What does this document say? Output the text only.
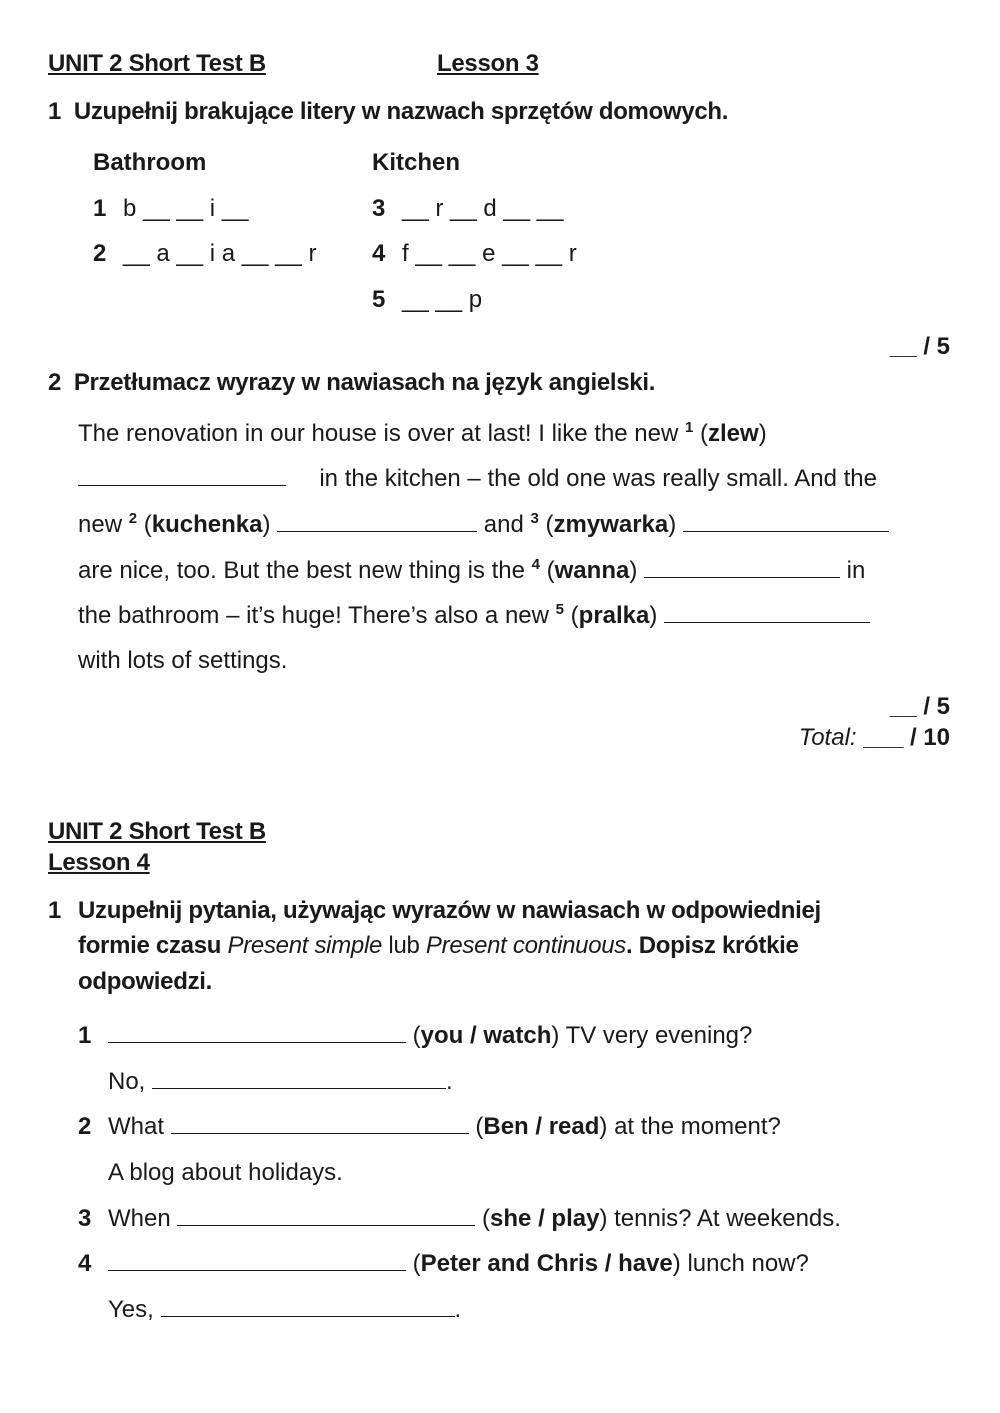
UNIT 2 Short Test B	Lesson 3
1 Uzupełnij brakujące litery w nazwach sprzętów domowych.
Bathroom	Kitchen
1 b __ __ i __
2 __ a __ i a __ __ r
3 __ r __ d __ __
4 f __ __ e __ __ r
5 __ __ p
__ / 5
2 Przetłumacz wyrazy w nawiasach na język angielski.
The renovation in our house is over at last! I like the new $^1$ (zlew)
in the kitchen – the old one was really small. And the
new $^2$ (kuchenka)	and $^3$ (zmywarka)
are nice, too. But the best new thing is the $^4$ (wanna)	in
the bathroom – it’s huge! There’s also a new $^5$ (pralka)
with lots of settings.
__ / 5
Total: ___ / 10
UNIT 2 Short Test B
Lesson 4
1 Uzupełnij pytania, używając wyrazów w nawiasach w odpowiedniej
formie czasu Present simple lub Present continuous. Dopisz krótkie
odpowiedzi.
1	(you / watch) TV very evening?
No,	.
2 What	(Ben / read) at the moment?
A blog about holidays.
3 When	(she / play) tennis? At weekends.
4	(Peter and Chris / have) lunch now?
Yes,	.
